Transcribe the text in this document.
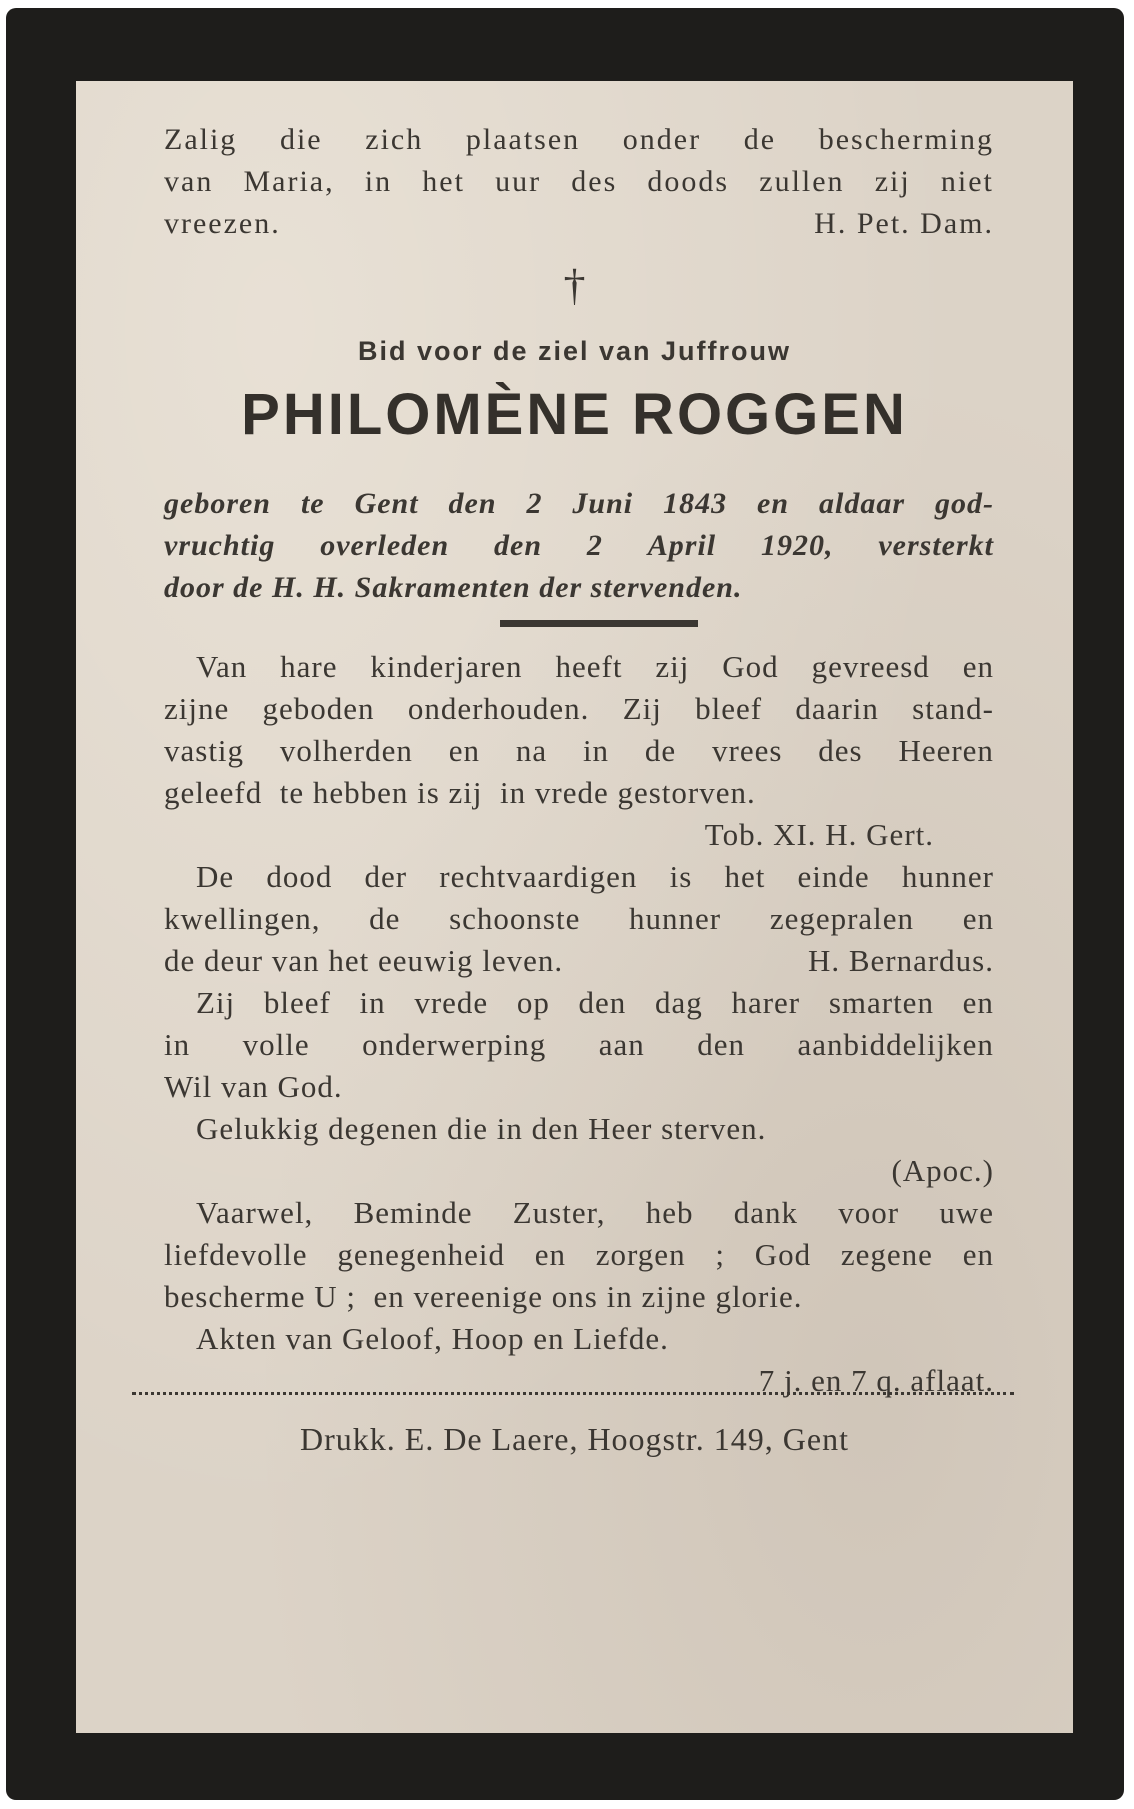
Zalig die zich plaatsen onder de bescherming
van Maria, in het uur des doods zullen zij niet
vreezen.	H. Pet. Dam.
†
Bid voor de ziel van Juffrouw
PHILOMÈNE ROGGEN
geboren te Gent den 2 Juni 1843 en aldaar god-
vruchtig overleden den 2 April 1920, versterkt
door de H. H. Sakramenten der stervenden.
Van hare kinderjaren heeft zij God gevreesd en
zijne geboden onderhouden. Zij bleef daarin stand-
vastig volherden en na in de vrees des Heeren
geleefd  te hebben is zij  in vrede gestorven.
Tob. XI. H. Gert.
De dood der rechtvaardigen is het einde hunner
kwellingen, de schoonste hunner zegepralen en
de deur van het eeuwig leven.	H. Bernardus.
Zij bleef in vrede op den dag harer smarten en
in volle onderwerping aan den aanbiddelijken
Wil van God.
Gelukkig degenen die in den Heer sterven.
(Apoc.)
Vaarwel, Beminde Zuster, heb dank voor uwe
liefdevolle genegenheid en zorgen ; God zegene en
bescherme U ;  en vereenige ons in zijne glorie.
Akten van Geloof, Hoop en Liefde.
7 j. en 7 q. aflaat.
Drukk. E. De Laere, Hoogstr. 149, Gent
